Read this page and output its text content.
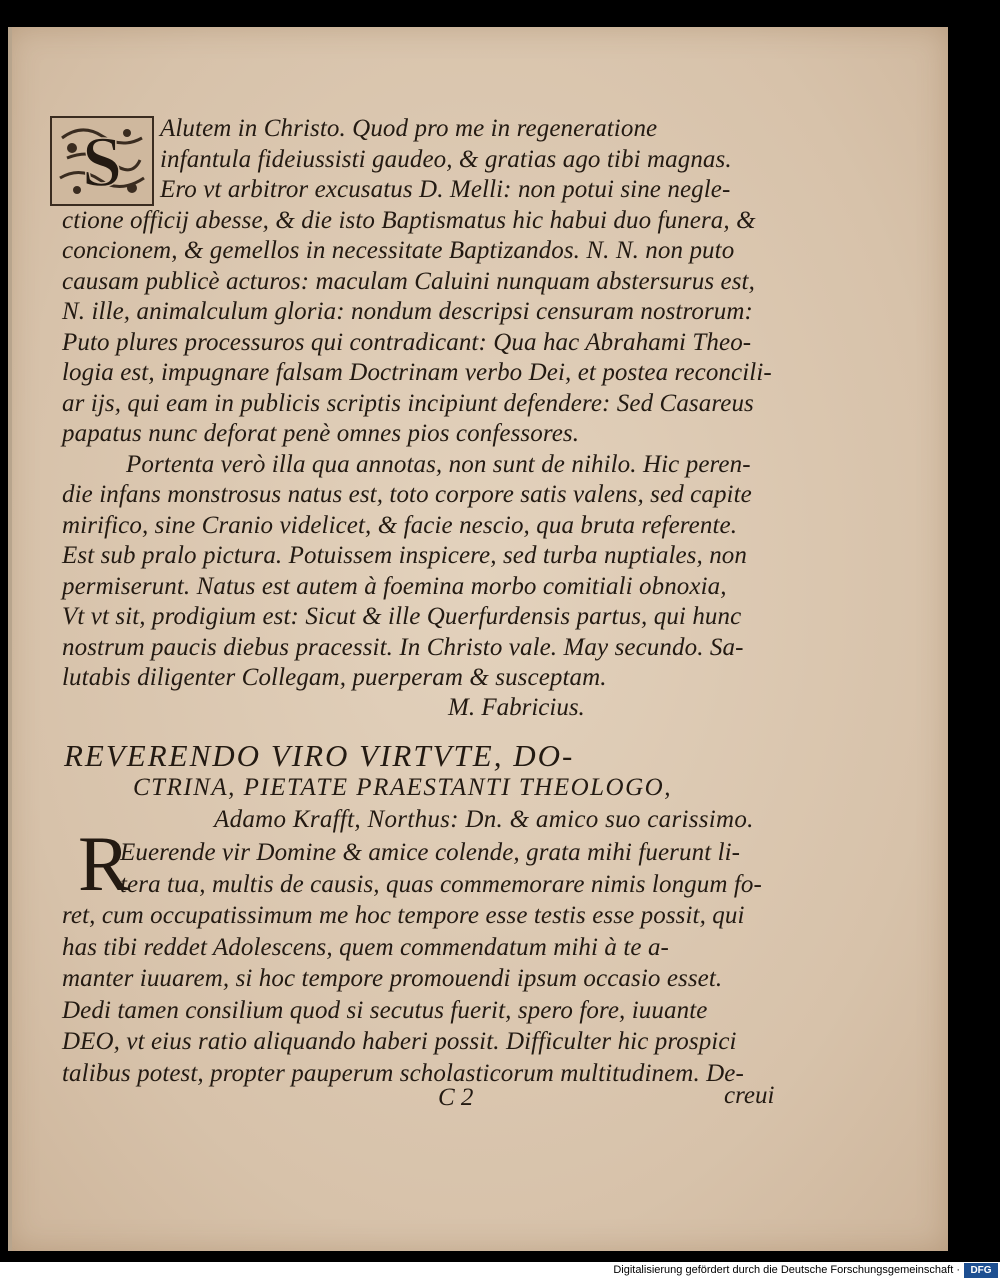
S Alutem in Christo. Quod pro me in regeneratione
infantula fideiussisti gaudeo, & gratias ago tibi magnas.
Ero vt arbitror excusatus D. Melli: non potui sine negle-
ctione officij abesse, & die isto Baptismatus hic habui duo funera, &
concionem, & gemellos in necessitate Baptizandos. N. N. non puto
causam publicè acturos: maculam Caluini nunquam abstersurus est,
N. ille, animalculum gloria: nondum descripsi censuram nostrorum:
Puto plures processuros qui contradicant: Qua hac Abrahami Theo-
logia est, impugnare falsam Doctrinam verbo Dei, et postea reconcili-
ar ijs, qui eam in publicis scriptis incipiunt defendere: Sed Casareus
papatus nunc deforat penè omnes pios confessores.
Portenta verò illa qua annotas, non sunt de nihilo. Hic peren-
die infans monstrosus natus est, toto corpore satis valens, sed capite
mirifico, sine Cranio videlicet, & facie nescio, qua bruta referente.
Est sub pralo pictura. Potuissem inspicere, sed turba nuptiales, non
permiserunt. Natus est autem à foemina morbo comitiali obnoxia,
Vt vt sit, prodigium est: Sicut & ille Querfurdensis partus, qui hunc
nostrum paucis diebus pracessit. In Christo vale. May secundo. Sa-
lutabis diligenter Collegam, puerperam & susceptam.
M. Fabricius.
REVERENDO VIRO VIRTVTE, DO-
CTRINA, PIETATE PRAESTANTI THEOLOGO,
Adamo Krafft, Northus: Dn. & amico suo carissimo.
R
Euerende vir Domine & amice colende, grata mihi fuerunt li-
tera tua, multis de causis, quas commemorare nimis longum fo-
ret, cum occupatissimum me hoc tempore esse testis esse possit, qui
has tibi reddet Adolescens, quem commendatum mihi à te a-
manter iuuarem, si hoc tempore promouendi ipsum occasio esset.
Dedi tamen consilium quod si secutus fuerit, spero fore, iuuante
DEO, vt eius ratio aliquando haberi possit. Difficulter hic prospici
talibus potest, propter pauperum scholasticorum multitudinem. De-
C 2	creui
Digitalisierung gefördert durch die Deutsche Forschungsgemeinschaft ·	DFG
